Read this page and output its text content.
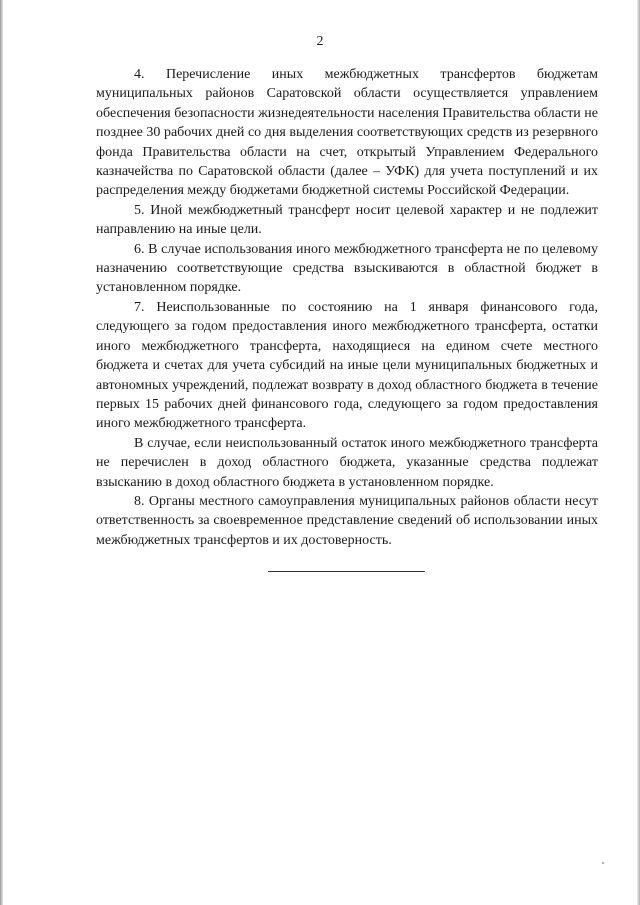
2

4. Перечисление иных межбюджетных трансфертов бюджетам муниципальных районов Саратовской области осуществляется управлением обеспечения безопасности жизнедеятельности населения Правительства области не позднее 30 рабочих дней со дня выделения соответствующих средств из резервного фонда Правительства области на счет, открытый Управлением Федерального казначейства по Саратовской области (далее – УФК) для учета поступлений и их распределения между бюджетами бюджетной системы Российской Федерации.

5. Иной межбюджетный трансферт носит целевой характер и не подлежит направлению на иные цели.

6. В случае использования иного межбюджетного трансферта не по целевому назначению соответствующие средства взыскиваются в областной бюджет в установленном порядке.

7. Неиспользованные по состоянию на 1 января финансового года, следующего за годом предоставления иного межбюджетного трансферта, остатки иного межбюджетного трансферта, находящиеся на едином счете местного бюджета и счетах для учета субсидий на иные цели муниципальных бюджетных и автономных учреждений, подлежат возврату в доход областного бюджета в течение первых 15 рабочих дней финансового года, следующего за годом предоставления иного межбюджетного трансферта.

В случае, если неиспользованный остаток иного межбюджетного трансферта не перечислен в доход областного бюджета, указанные средства подлежат взысканию в доход областного бюджета в установленном порядке.

8. Органы местного самоуправления муниципальных районов области несут ответственность за своевременное представление сведений об использовании иных межбюджетных трансфертов и их достоверность.
